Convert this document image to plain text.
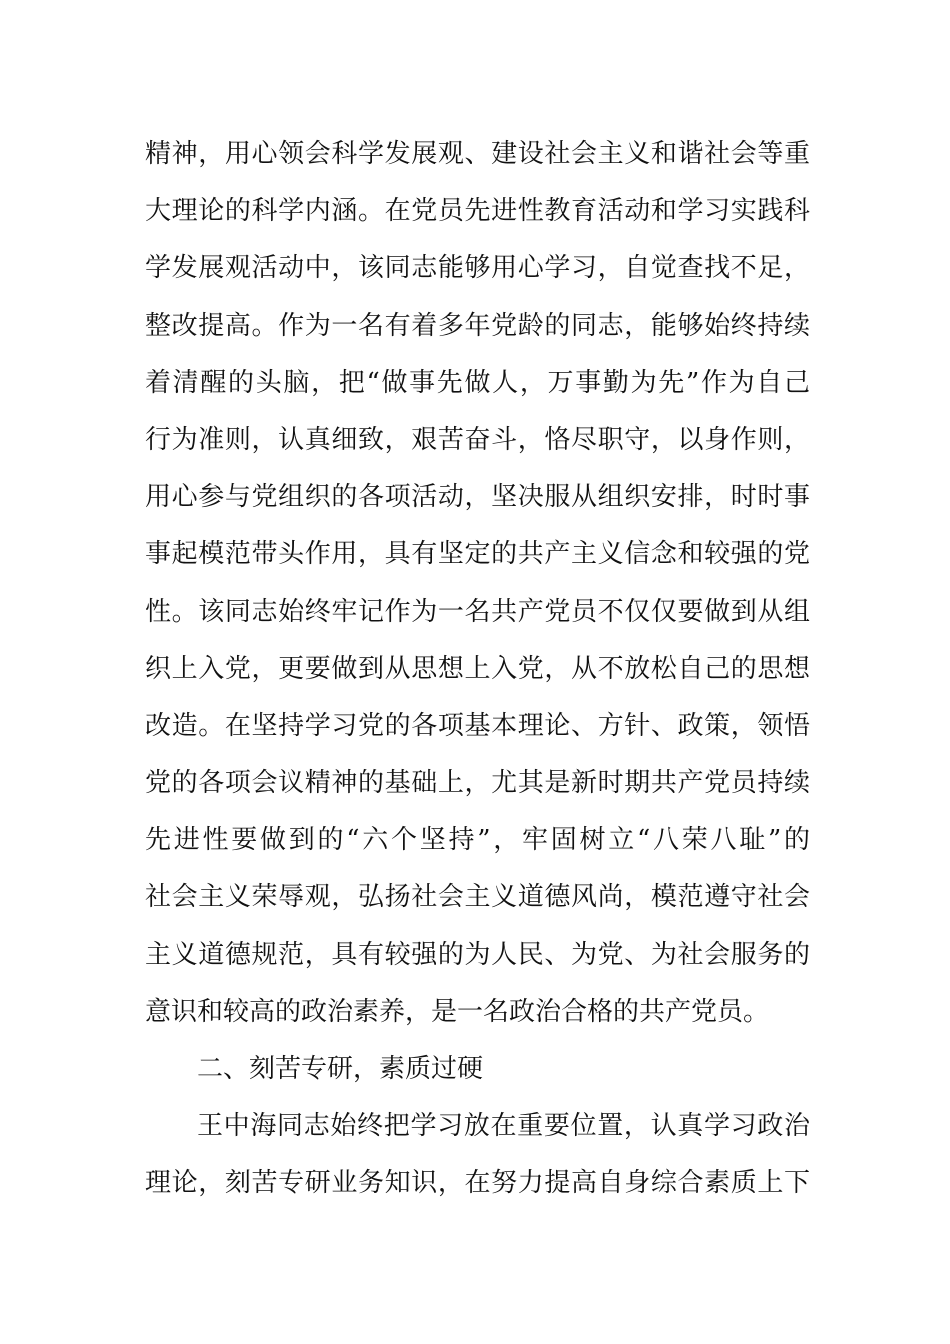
精神，用心领会科学发展观、建设社会主义和谐社会等重
大理论的科学内涵。在党员先进性教育活动和学习实践科
学发展观活动中，该同志能够用心学习，自觉查找不足，
整改提高。作为一名有着多年党龄的同志，能够始终持续
着清醒的头脑，把“做事先做人，万事勤为先”作为自己
行为准则，认真细致，艰苦奋斗，恪尽职守，以身作则，
用心参与党组织的各项活动，坚决服从组织安排，时时事
事起模范带头作用，具有坚定的共产主义信念和较强的党
性。该同志始终牢记作为一名共产党员不仅仅要做到从组
织上入党，更要做到从思想上入党，从不放松自己的思想
改造。在坚持学习党的各项基本理论、方针、政策，领悟
党的各项会议精神的基础上，尤其是新时期共产党员持续
先进性要做到的“六个坚持”，牢固树立“八荣八耻”的
社会主义荣辱观，弘扬社会主义道德风尚，模范遵守社会
主义道德规范，具有较强的为人民、为党、为社会服务的
意识和较高的政治素养，是一名政治合格的共产党员。
二、刻苦专研，素质过硬
王中海同志始终把学习放在重要位置，认真学习政治
理论，刻苦专研业务知识，在努力提高自身综合素质上下
